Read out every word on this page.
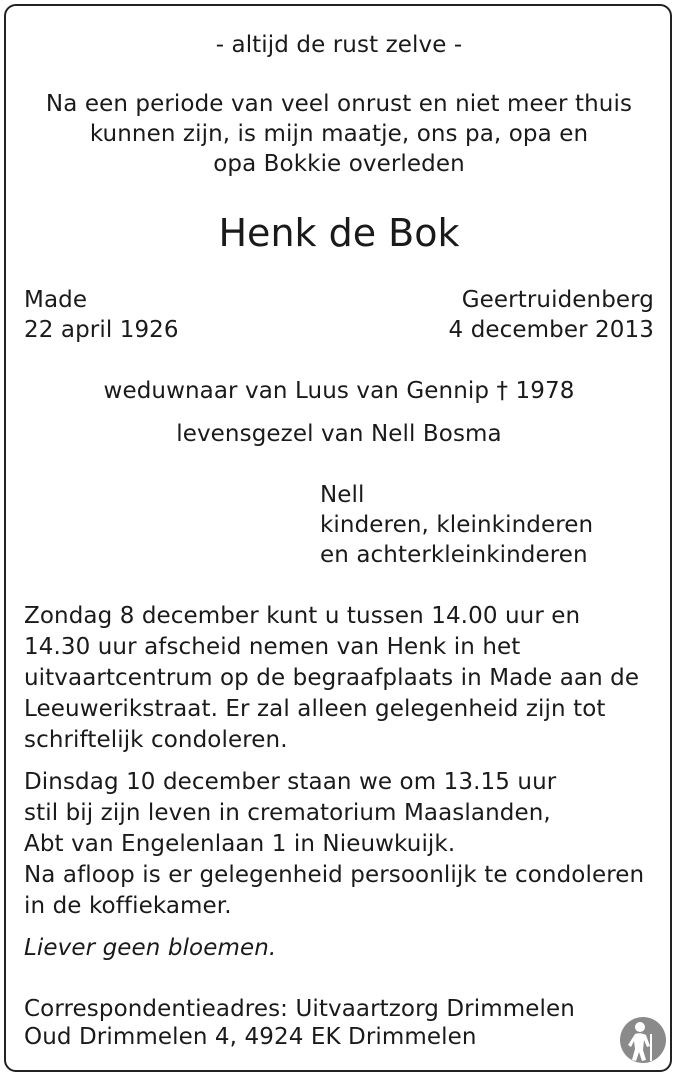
- altijd de rust zelve -
Na een periode van veel onrust en niet meer thuis
kunnen zijn, is mijn maatje, ons pa, opa en
opa Bokkie overleden
Henk de Bok
Made
22 april 1926
Geertruidenberg
4 december 2013
weduwnaar van Luus van Gennip † 1978
levensgezel van Nell Bosma
Nell
kinderen, kleinkinderen
en achterkleinkinderen
Zondag 8 december kunt u tussen 14.00 uur en
14.30 uur afscheid nemen van Henk in het
uitvaartcentrum op de begraafplaats in Made aan de
Leeuwerikstraat. Er zal alleen gelegenheid zijn tot
schriftelijk condoleren.
Dinsdag 10 december staan we om 13.15 uur
stil bij zijn leven in crematorium Maaslanden,
Abt van Engelenlaan 1 in Nieuwkuijk.
Na afloop is er gelegenheid persoonlijk te condoleren
in de koffiekamer.
Liever geen bloemen.
Correspondentieadres: Uitvaartzorg Drimmelen
Oud Drimmelen 4, 4924 EK Drimmelen
